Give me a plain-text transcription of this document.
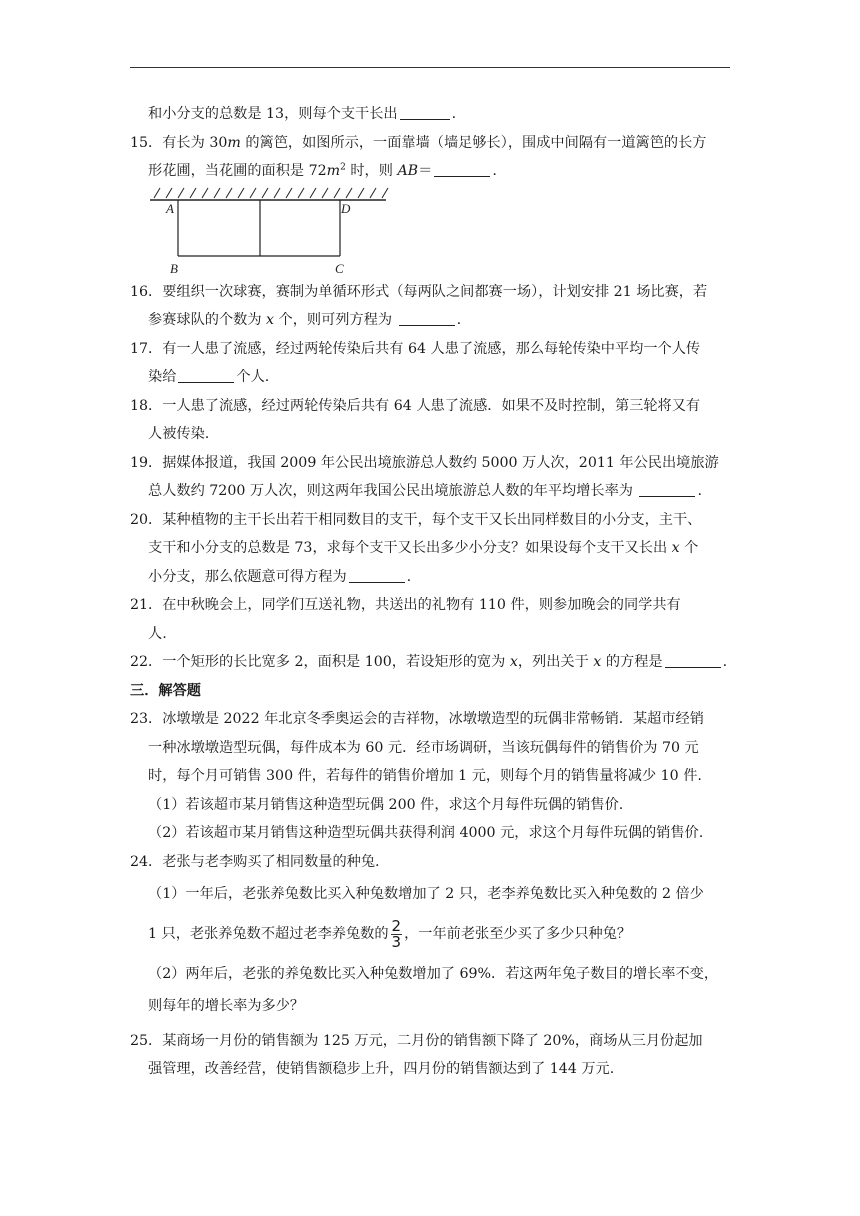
和小分支的总数是 13，则每个支干长出	.
15．有长为 30m 的篱笆，如图所示，一面靠墙（墙足够长），围成中间隔有一道篱笆的长方
形花圃，当花圃的面积是 $72m^2$ 时，则 AB＝	.
A	D
B	C
16．要组织一次球赛，赛制为单循环形式（每两队之间都赛一场），计划安排 21 场比赛，若
参赛球队的个数为 x 个，则可列方程为	.
17．有一人患了流感，经过两轮传染后共有 64 人患了流感，那么每轮传染中平均一个人传
染给	个人.
18．一人患了流感，经过两轮传染后共有 64 人患了流感．如果不及时控制，第三轮将又有
人被传染.
19．据媒体报道，我国 2009 年公民出境旅游总人数约 5000 万人次，2011 年公民出境旅游
总人数约 7200 万人次，则这两年我国公民出境旅游总人数的年平均增长率为	.
20．某种植物的主干长出若干相同数目的支干，每个支干又长出同样数目的小分支，主干、
支干和小分支的总数是 73，求每个支干又长出多少小分支？如果设每个支干又长出 x 个
小分支，那么依题意可得方程为	.
21．在中秋晚会上，同学们互送礼物，共送出的礼物有 110 件，则参加晚会的同学共有
人.
22．一个矩形的长比宽多 2，面积是 100，若设矩形的宽为 x，列出关于 x 的方程是	.
三．解答题
23．冰墩墩是 2022 年北京冬季奥运会的吉祥物，冰墩墩造型的玩偶非常畅销．某超市经销
一种冰墩墩造型玩偶，每件成本为 60 元．经市场调研，当该玩偶每件的销售价为 70 元
时，每个月可销售 300 件，若每件的销售价增加 1 元，则每个月的销售量将减少 10 件.
（1）若该超市某月销售这种造型玩偶 200 件，求这个月每件玩偶的销售价.
（2）若该超市某月销售这种造型玩偶共获得利润 4000 元，求这个月每件玩偶的销售价.
24．老张与老李购买了相同数量的种兔.
（1）一年后，老张养兔数比买入种兔数增加了 2 只，老李养兔数比买入种兔数的 2 倍少
1 只，老张养兔数不超过老李养兔数的 $\frac{2}{3}$ ，一年前老张至少买了多少只种兔？
（2）两年后，老张的养兔数比买入种兔数增加了 69%．若这两年兔子数目的增长率不变，
则每年的增长率为多少？
25．某商场一月份的销售额为 125 万元，二月份的销售额下降了 20%，商场从三月份起加
强管理，改善经营，使销售额稳步上升，四月份的销售额达到了 144 万元.
